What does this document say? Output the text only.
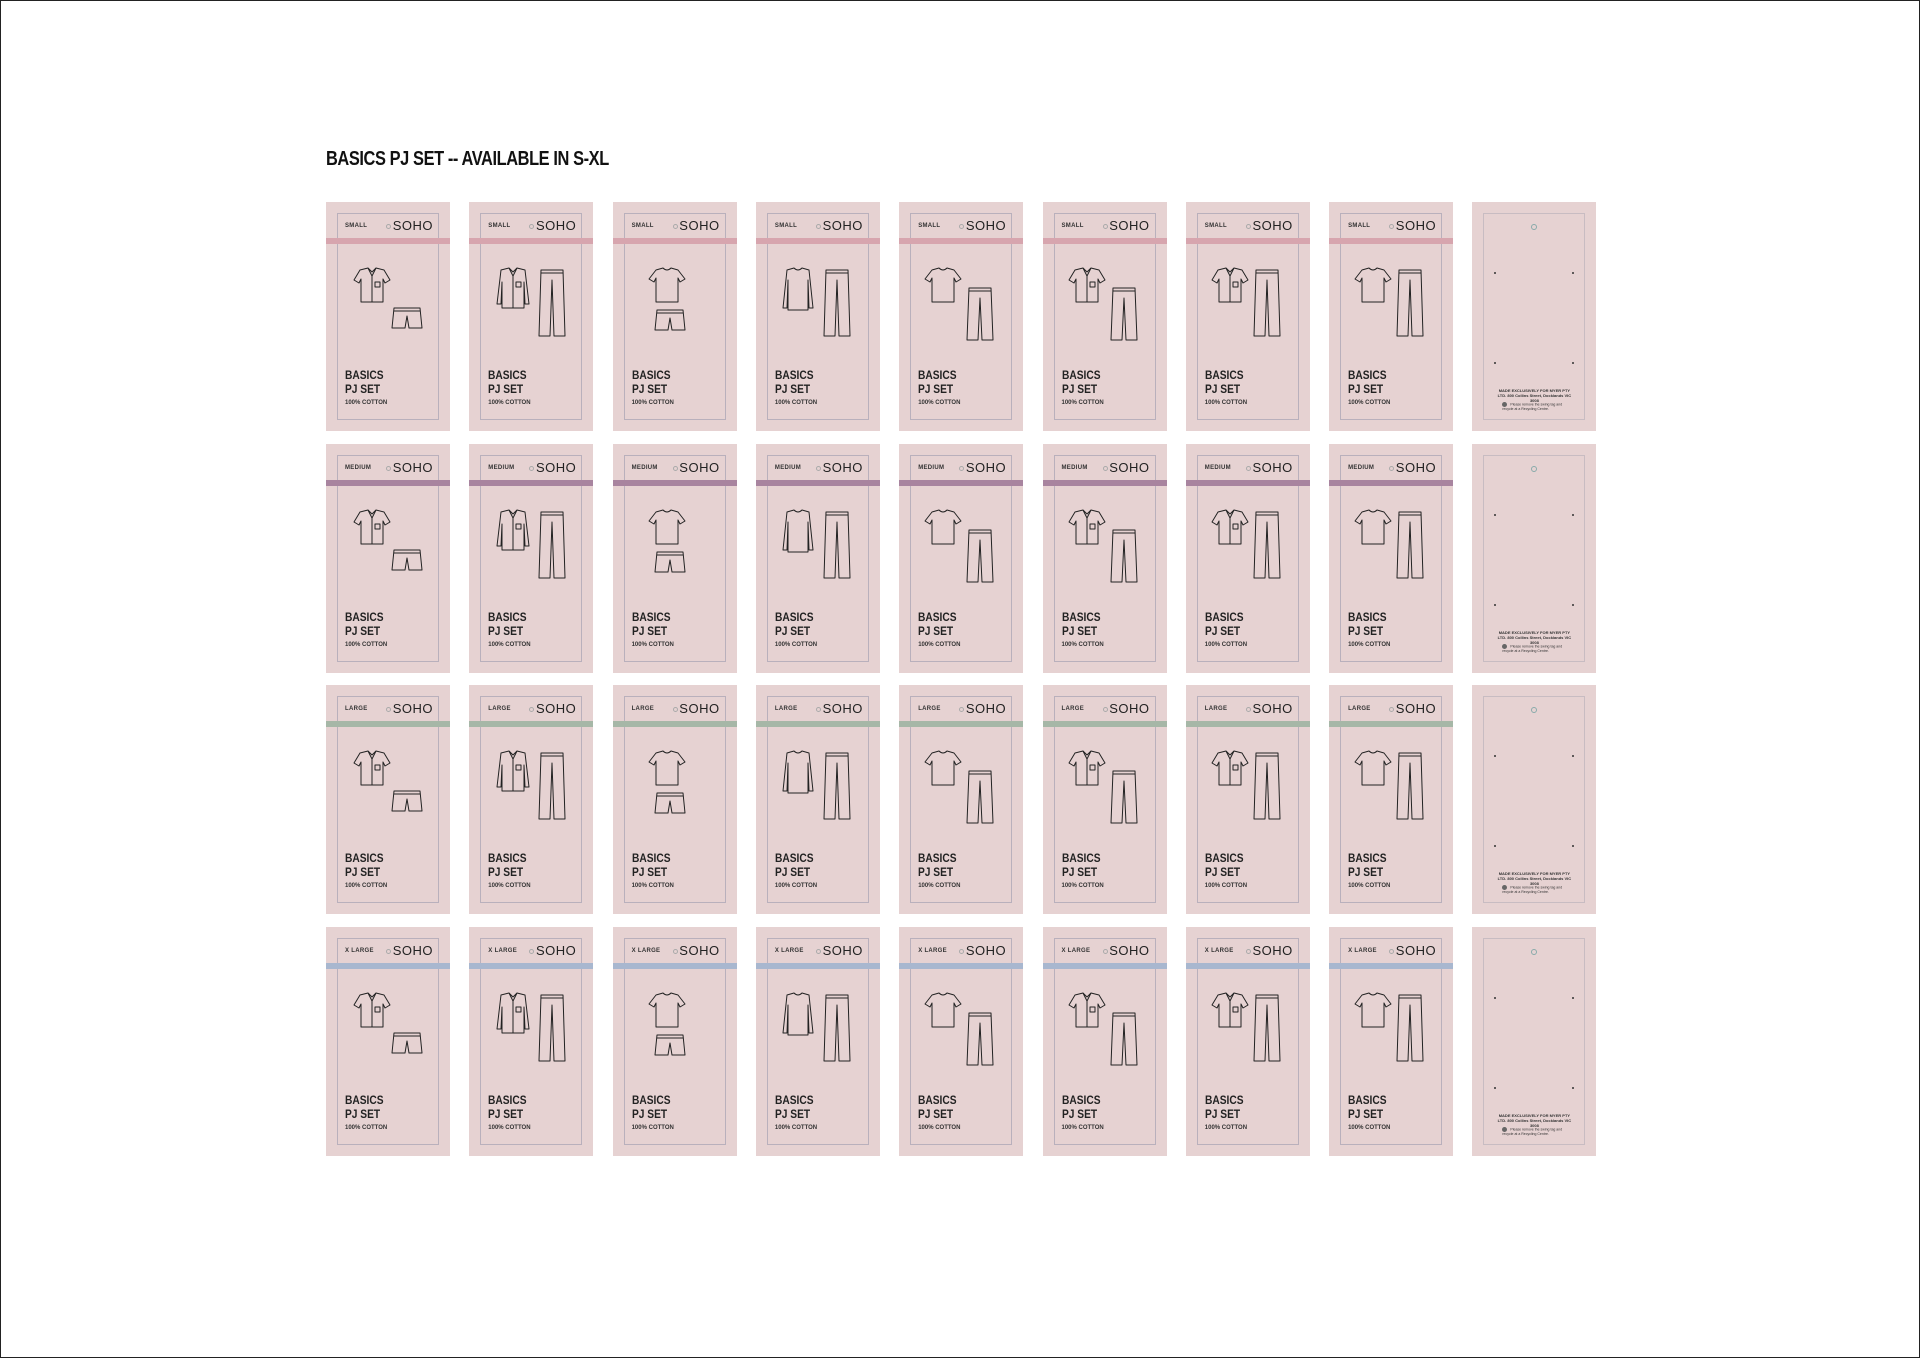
BASICS PJ SET -- AVAILABLE IN S-XL
SMALL SOHO
BASICS
PJ SET
100% COTTON
SMALL SOHO
BASICS
PJ SET
100% COTTON
SMALL SOHO
BASICS
PJ SET
100% COTTON
SMALL SOHO
BASICS
PJ SET
100% COTTON
SMALL SOHO
BASICS
PJ SET
100% COTTON
SMALL SOHO
BASICS
PJ SET
100% COTTON
SMALL SOHO
BASICS
PJ SET
100% COTTON
SMALL SOHO
BASICS
PJ SET
100% COTTON
MADE EXCLUSIVELY FOR MYER PTY LTD. 800 Collins Street, Docklands VIC 3008
Please remove the swing tag and recycle at a Recycling Centre.
MEDIUM SOHO
BASICS
PJ SET
100% COTTON
MEDIUM SOHO
BASICS
PJ SET
100% COTTON
MEDIUM SOHO
BASICS
PJ SET
100% COTTON
MEDIUM SOHO
BASICS
PJ SET
100% COTTON
MEDIUM SOHO
BASICS
PJ SET
100% COTTON
MEDIUM SOHO
BASICS
PJ SET
100% COTTON
MEDIUM SOHO
BASICS
PJ SET
100% COTTON
MEDIUM SOHO
BASICS
PJ SET
100% COTTON
MADE EXCLUSIVELY FOR MYER PTY LTD. 800 Collins Street, Docklands VIC 3008
Please remove the swing tag and recycle at a Recycling Centre.
LARGE SOHO
BASICS
PJ SET
100% COTTON
LARGE SOHO
BASICS
PJ SET
100% COTTON
LARGE SOHO
BASICS
PJ SET
100% COTTON
LARGE SOHO
BASICS
PJ SET
100% COTTON
LARGE SOHO
BASICS
PJ SET
100% COTTON
LARGE SOHO
BASICS
PJ SET
100% COTTON
LARGE SOHO
BASICS
PJ SET
100% COTTON
LARGE SOHO
BASICS
PJ SET
100% COTTON
MADE EXCLUSIVELY FOR MYER PTY LTD. 800 Collins Street, Docklands VIC 3008
Please remove the swing tag and recycle at a Recycling Centre.
X LARGE SOHO
BASICS
PJ SET
100% COTTON
X LARGE SOHO
BASICS
PJ SET
100% COTTON
X LARGE SOHO
BASICS
PJ SET
100% COTTON
X LARGE SOHO
BASICS
PJ SET
100% COTTON
X LARGE SOHO
BASICS
PJ SET
100% COTTON
X LARGE SOHO
BASICS
PJ SET
100% COTTON
X LARGE SOHO
BASICS
PJ SET
100% COTTON
X LARGE SOHO
BASICS
PJ SET
100% COTTON
MADE EXCLUSIVELY FOR MYER PTY LTD. 800 Collins Street, Docklands VIC 3008
Please remove the swing tag and recycle at a Recycling Centre.
